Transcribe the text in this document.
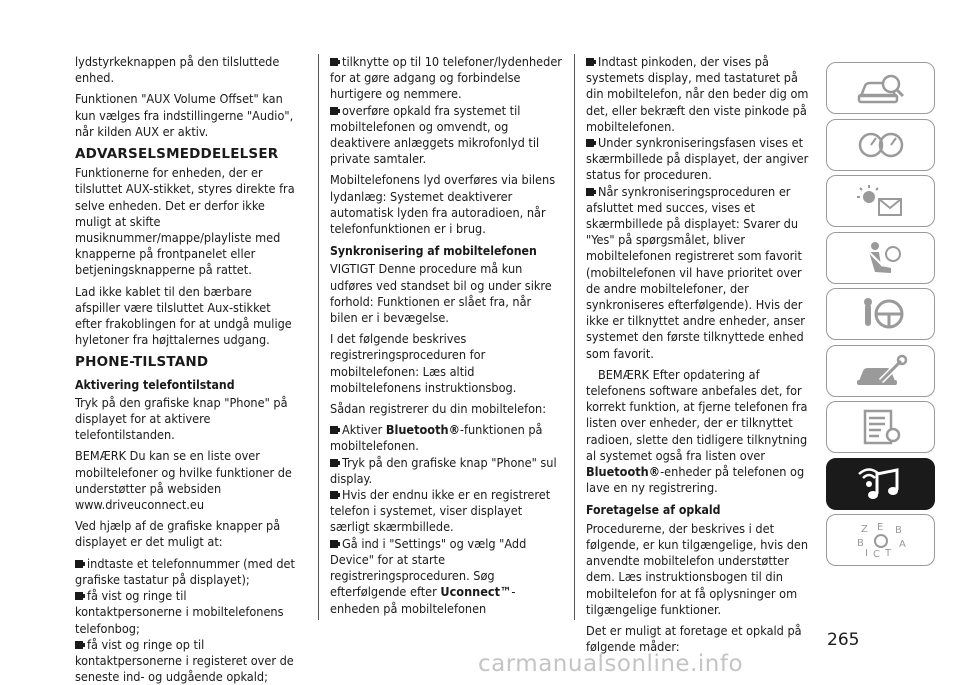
lydstyrkeknappen på den tilsluttede enhed.

Funktionen "AUX Volume Offset" kan kun vælges fra indstillingerne "Audio", når kilden AUX er aktiv.

ADVARSELSMEDDELELSER

Funktionerne for enheden, der er tilsluttet AUX-stikket, styres direkte fra selve enheden. Det er derfor ikke muligt at skifte musiknummer/mappe/playliste med knapperne på frontpanelet eller betjeningsknapperne på rattet.

Lad ikke kablet til den bærbare afspiller være tilsluttet Aux-stikket efter frakoblingen for at undgå mulige hyletoner fra højttalernes udgang.

PHONE-TILSTAND
Aktivering telefontilstand

Tryk på den grafiske knap "Phone" på displayet for at aktivere telefontilstanden.

BEMÆRK Du kan se en liste over mobiltelefoner og hvilke funktioner de understøtter på websiden www.driveuconnect.eu

Ved hjælp af de grafiske knapper på displayet er det muligt at:

indtaste et telefonnummer (med det grafiske tastatur på displayet);
få vist og ringe til kontaktpersonerne i mobiltelefonens telefonbog;
få vist og ringe op til kontaktpersonerne i registeret over de seneste ind- og udgående opkald;
tilknytte op til 10 telefoner/lydenheder for at gøre adgang og forbindelse hurtigere og nemmere.
overføre opkald fra systemet til mobiltelefonen og omvendt, og deaktivere anlæggets mikrofonlyd til private samtaler.

Mobiltelefonens lyd overføres via bilens lydanlæg: Systemet deaktiverer automatisk lyden fra autoradioen, når telefonfunktionen er i brug.

Synkronisering af mobiltelefonen

VIGTIGT Denne procedure må kun udføres ved standset bil og under sikre forhold: Funktionen er slået fra, når bilen er i bevægelse.

I det følgende beskrives registreringsproceduren for mobiltelefonen: Læs altid mobiltelefonens instruktionsbog.

Sådan registrerer du din mobiltelefon:

Aktiver Bluetooth®-funktionen på mobiltelefonen.
Tryk på den grafiske knap "Phone" sul display.
Hvis der endnu ikke er en registreret telefon i systemet, viser displayet særligt skærmbillede.
Gå ind i "Settings" og vælg "Add Device" for at starte registreringsproceduren. Søg efterfølgende efter Uconnect™-enheden på mobiltelefonen
Indtast pinkoden, der vises på systemets display, med tastaturet på din mobiltelefon, når den beder dig om det, eller bekræft den viste pinkode på mobiltelefonen.
Under synkroniseringsfasen vises et skærmbillede på displayet, der angiver status for proceduren.
Når synkroniseringsproceduren er afsluttet med succes, vises et skærmbillede på displayet: Svarer du "Yes" på spørgsmålet, bliver mobiltelefonen registreret som favorit (mobiltelefonen vil have prioritet over de andre mobiltelefoner, der synkroniseres efterfølgende). Hvis der ikke er tilknyttet andre enheder, anser systemet den første tilknyttede enhed som favorit.

BEMÆRK Efter opdatering af telefonens software anbefales det, for korrekt funktion, at fjerne telefonen fra listen over enheder, der er tilknyttet radioen, slette den tidligere tilknytning al systemet også fra listen over Bluetooth®-enheder på telefonen og lave en ny registrering.

Foretagelse af opkald

Procedurerne, der beskrives i det følgende, er kun tilgængelige, hvis den anvendte mobiltelefon understøtter dem. Læs instruktionsbogen til din mobiltelefon for at få oplysninger om tilgængelige funktioner.

Det er muligt at foretage et opkald på følgende måder:

Z E B
B	A
I C T
265
carmanualsonline.info
